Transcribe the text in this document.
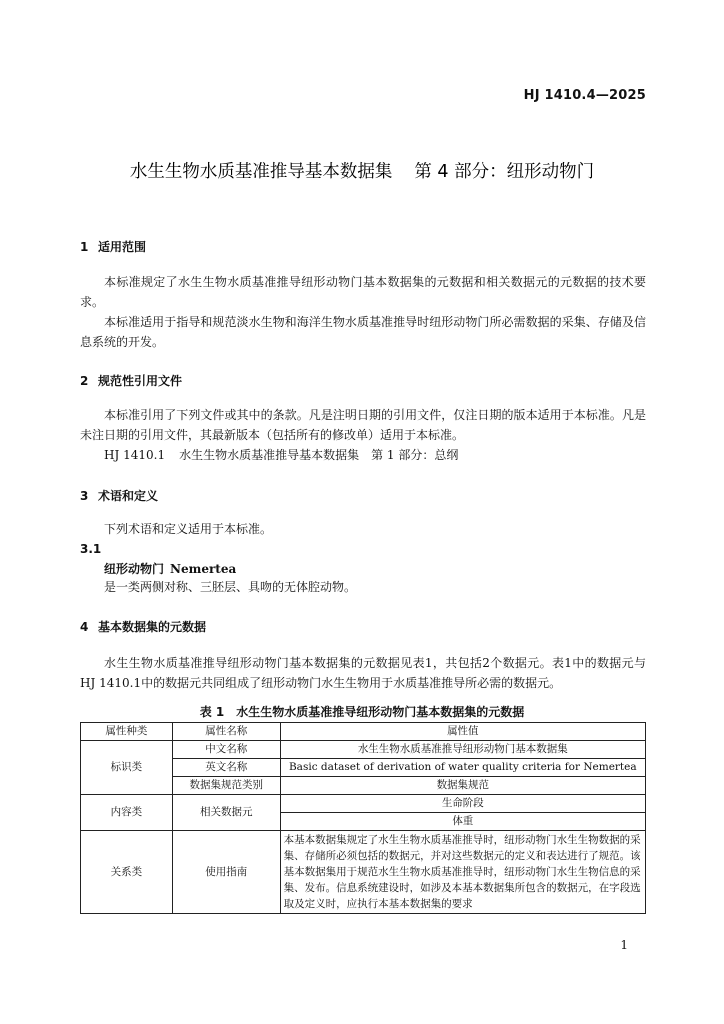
HJ 1410.4—2025
水生生物水质基准推导基本数据集 第 4 部分：纽形动物门
1 适用范围
本标准规定了水生生物水质基准推导纽形动物门基本数据集的元数据和相关数据元的元数据的技术要求。
本标准适用于指导和规范淡水生物和海洋生物水质基准推导时纽形动物门所必需数据的采集、存储及信息系统的开发。
2 规范性引用文件
本标准引用了下列文件或其中的条款。凡是注明日期的引用文件，仅注日期的版本适用于本标准。凡是未注日期的引用文件，其最新版本（包括所有的修改单）适用于本标准。
HJ 1410.1 水生生物水质基准推导基本数据集　第 1 部分：总纲
3 术语和定义
下列术语和定义适用于本标准。
3.1
纽形动物门 Nemertea
是一类两侧对称、三胚层、具吻的无体腔动物。
4 基本数据集的元数据
水生生物水质基准推导纽形动物门基本数据集的元数据见表1，共包括2个数据元。表1中的数据元与HJ 1410.1中的数据元共同组成了纽形动物门水生生物用于水质基准推导所必需的数据元。
表 1　水生生物水质基准推导纽形动物门基本数据集的元数据
属性种类	属性名称	属性值
标识类	中文名称	水生生物水质基准推导纽形动物门基本数据集
	英文名称	Basic dataset of derivation of water quality criteria for Nemertea
	数据集规范类别	数据集规范
内容类	相关数据元	生命阶段
		体重
关系类	使用指南	本基本数据集规定了水生生物水质基准推导时，纽形动物门水生生物数据的采集、存储所必须包括的数据元，并对这些数据元的定义和表达进行了规范。该基本数据集用于规范水生生物水质基准推导时，纽形动物门水生生物信息的采集、发布。信息系统建设时，如涉及本基本数据集所包含的数据元，在字段选取及定义时，应执行本基本数据集的要求
1
